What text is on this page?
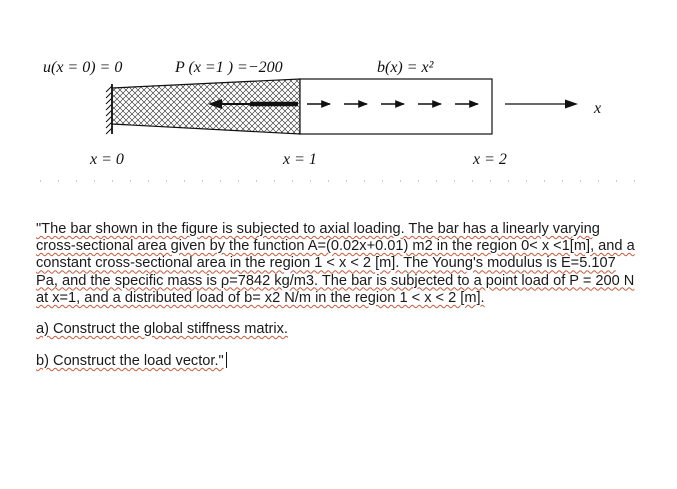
u(x = 0) = 0	P (x =1 ) =−200	b(x) = x²
x
x = 0	x = 1	x = 2

"The bar shown in the figure is subjected to axial loading. The bar has a linearly varying cross-sectional area given by the function A=(0.02x+0.01) m2 in the region 0< x <1[m], and a constant cross-sectional area in the region 1 < x < 2 [m]. The Young's modulus is E=5.107 Pa, and the specific mass is ρ=7842 kg/m3. The bar is subjected to a point load of P = 200 N at x=1, and a distributed load of b= x2 N/m in the region 1 < x < 2 [m].

a) Construct the global stiffness matrix.

b) Construct the load vector."
